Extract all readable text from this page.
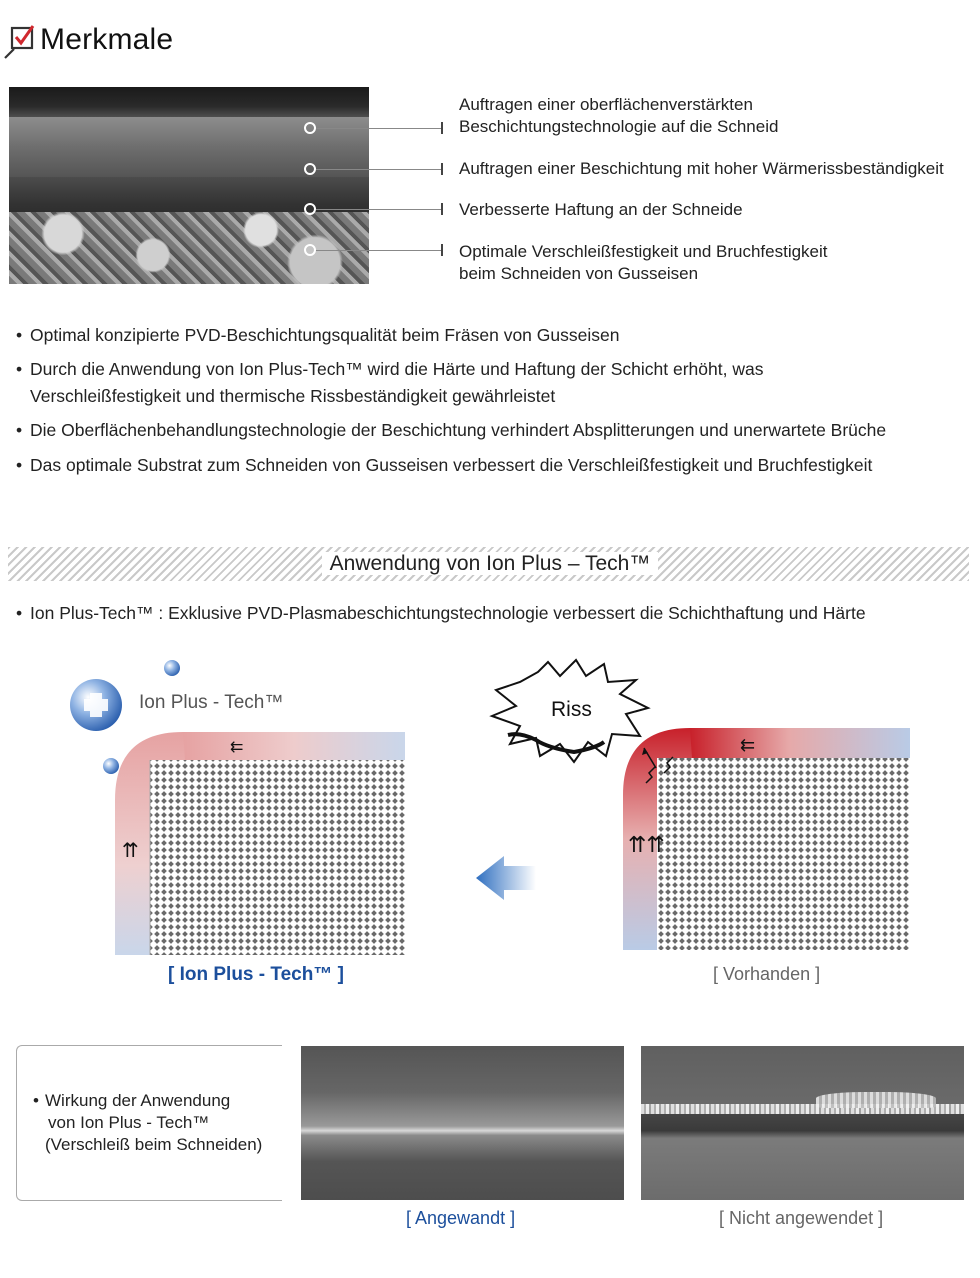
Merkmale
Auftragen einer oberflächenverstärkten
Beschichtungstechnologie auf die Schneid
Auftragen einer Beschichtung mit hoher Wärmerissbeständigkeit
Verbesserte Haftung an der Schneide
Optimale Verschleißfestigkeit und Bruchfestigkeit
beim Schneiden von Gusseisen
• Optimal konzipierte PVD-Beschichtungsqualität beim Fräsen von Gusseisen
• Durch die Anwendung von Ion Plus-Tech™ wird die Härte und Haftung der Schicht erhöht, was
Verschleißfestigkeit und thermische Rissbeständigkeit gewährleistet
• Die Oberflächenbehandlungstechnologie der Beschichtung verhindert Absplitterungen und unerwartete Brüche
• Das optimale Substrat zum Schneiden von Gusseisen verbessert die Verschleißfestigkeit und Bruchfestigkeit
Anwendung von Ion Plus – Tech™
• Ion Plus-Tech™ : Exklusive PVD-Plasmabeschichtungstechnologie verbessert die Schichthaftung und Härte
⇇
⇈
Ion Plus - Tech™
⇇
⇈⇈
Riss
[ Ion Plus - Tech™ ]	[ Vorhanden ]
• Wirkung der Anwendung
von Ion Plus - Tech™
(Verschleiß beim Schneiden)
[ Angewandt ]	[ Nicht angewendet ]
